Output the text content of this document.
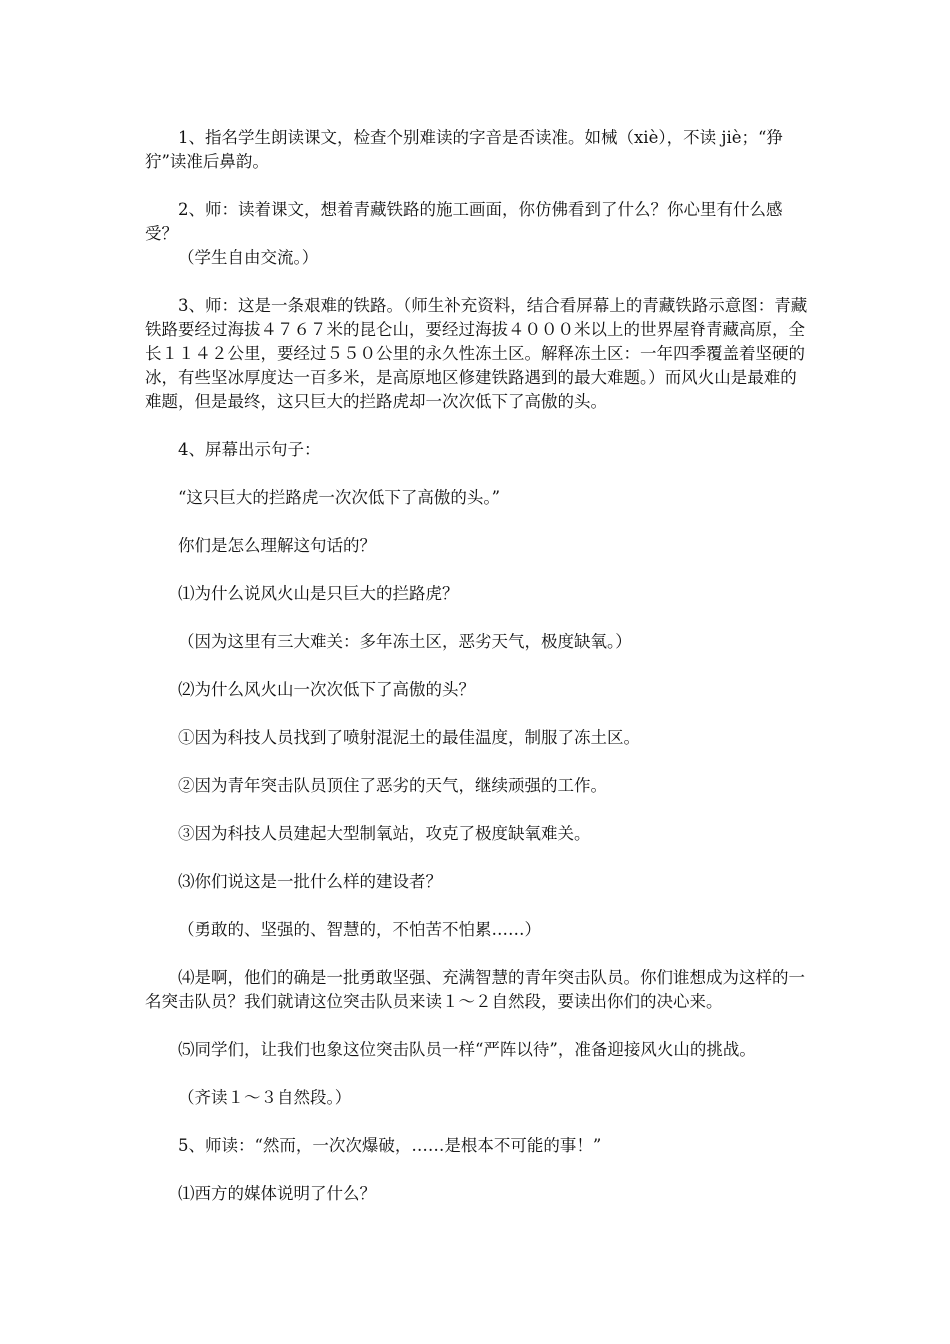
1、指名学生朗读课文，检查个别难读的字音是否读准。如械（xiè），不读 jiè；“狰狞”读准后鼻韵。

2、师：读着课文，想着青藏铁路的施工画面，你仿佛看到了什么？你心里有什么感受？

（学生自由交流。）

3、师：这是一条艰难的铁路。（师生补充资料，结合看屏幕上的青藏铁路示意图：青藏铁路要经过海拔４７６７米的昆仑山，要经过海拔４０００米以上的世界屋脊青藏高原，全长１１４２公里，要经过５５０公里的永久性冻土区。解释冻土区：一年四季覆盖着坚硬的冰，有些坚冰厚度达一百多米，是高原地区修建铁路遇到的最大难题。）而风火山是最难的难题，但是最终，这只巨大的拦路虎却一次次低下了高傲的头。

4、屏幕出示句子：

“这只巨大的拦路虎一次次低下了高傲的头。”

你们是怎么理解这句话的？

⑴为什么说风火山是只巨大的拦路虎？

（因为这里有三大难关：多年冻土区，恶劣天气，极度缺氧。）

⑵为什么风火山一次次低下了高傲的头？

①因为科技人员找到了喷射混泥土的最佳温度，制服了冻土区。

②因为青年突击队员顶住了恶劣的天气，继续顽强的工作。

③因为科技人员建起大型制氧站，攻克了极度缺氧难关。

⑶你们说这是一批什么样的建设者？

（勇敢的、坚强的、智慧的，不怕苦不怕累……）

⑷是啊，他们的确是一批勇敢坚强、充满智慧的青年突击队员。你们谁想成为这样的一名突击队员？我们就请这位突击队员来读１～２自然段，要读出你们的决心来。

⑸同学们，让我们也象这位突击队员一样“严阵以待”，准备迎接风火山的挑战。

（齐读１～３自然段。）

5、师读：“然而，一次次爆破，……是根本不可能的事！”

⑴西方的媒体说明了什么？
